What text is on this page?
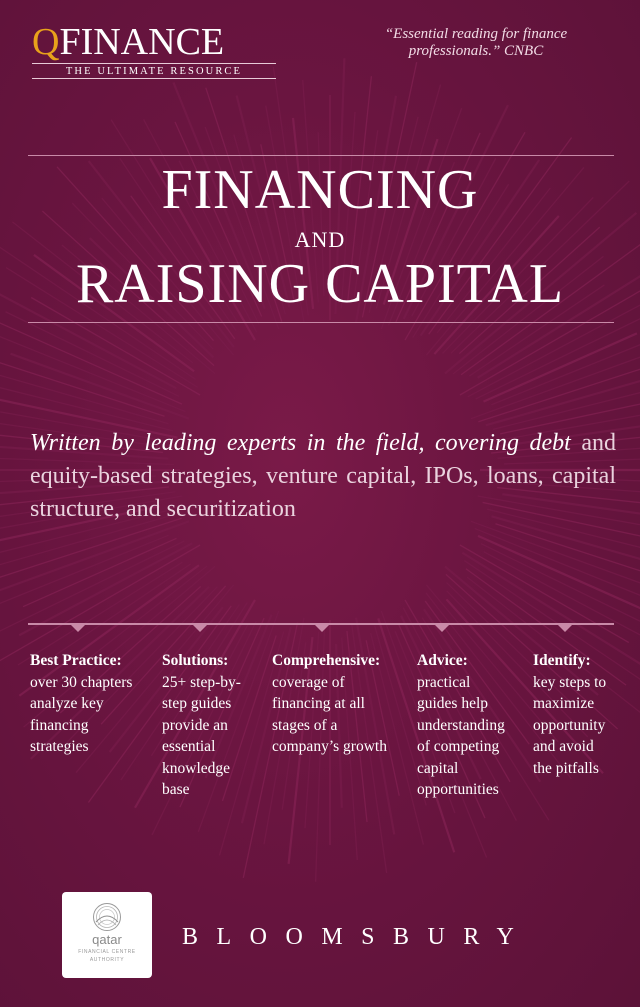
QFINANCE
THE ULTIMATE RESOURCE
“Essential reading for finance
professionals.” CNBC
FINANCING
AND
RAISING CAPITAL
Written by leading experts in the field, covering debt and equity-based strategies, venture capital, IPOs, loans, capital structure, and securitization
Best Practice:
over 30 chapters
analyze key
financing
strategies
Solutions:
25+ step-by-
step guides
provide an
essential
knowledge
base
Comprehensive:
coverage of
financing at all
stages of a
company’s growth
Advice:
practical
guides help
understanding
of competing
capital
opportunities
Identify:
key steps to
maximize
opportunity
and avoid
the pitfalls
qatar
FINANCIAL CENTRE
AUTHORITY
BLOOMSBURY
